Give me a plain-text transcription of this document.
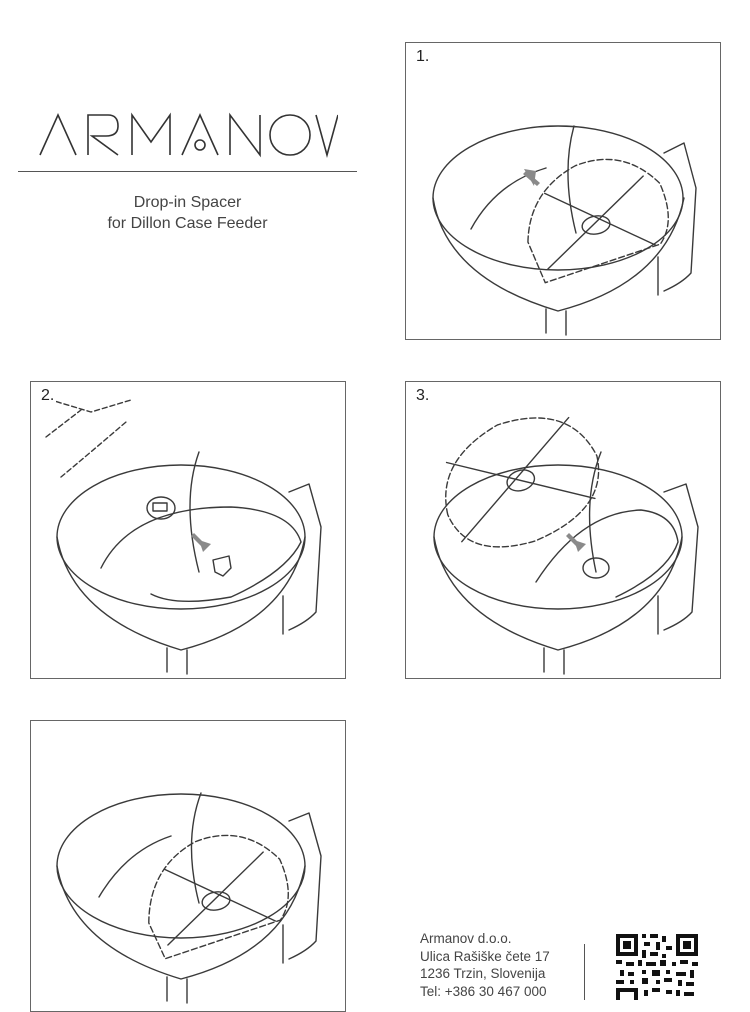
Drop-in Spacer
for Dillon Case Feeder
1.
2.	3.
Armanov d.o.o.
Ulica Rašiške čete 17
1236 Trzin, Slovenija
Tel: +386 30 467 000
